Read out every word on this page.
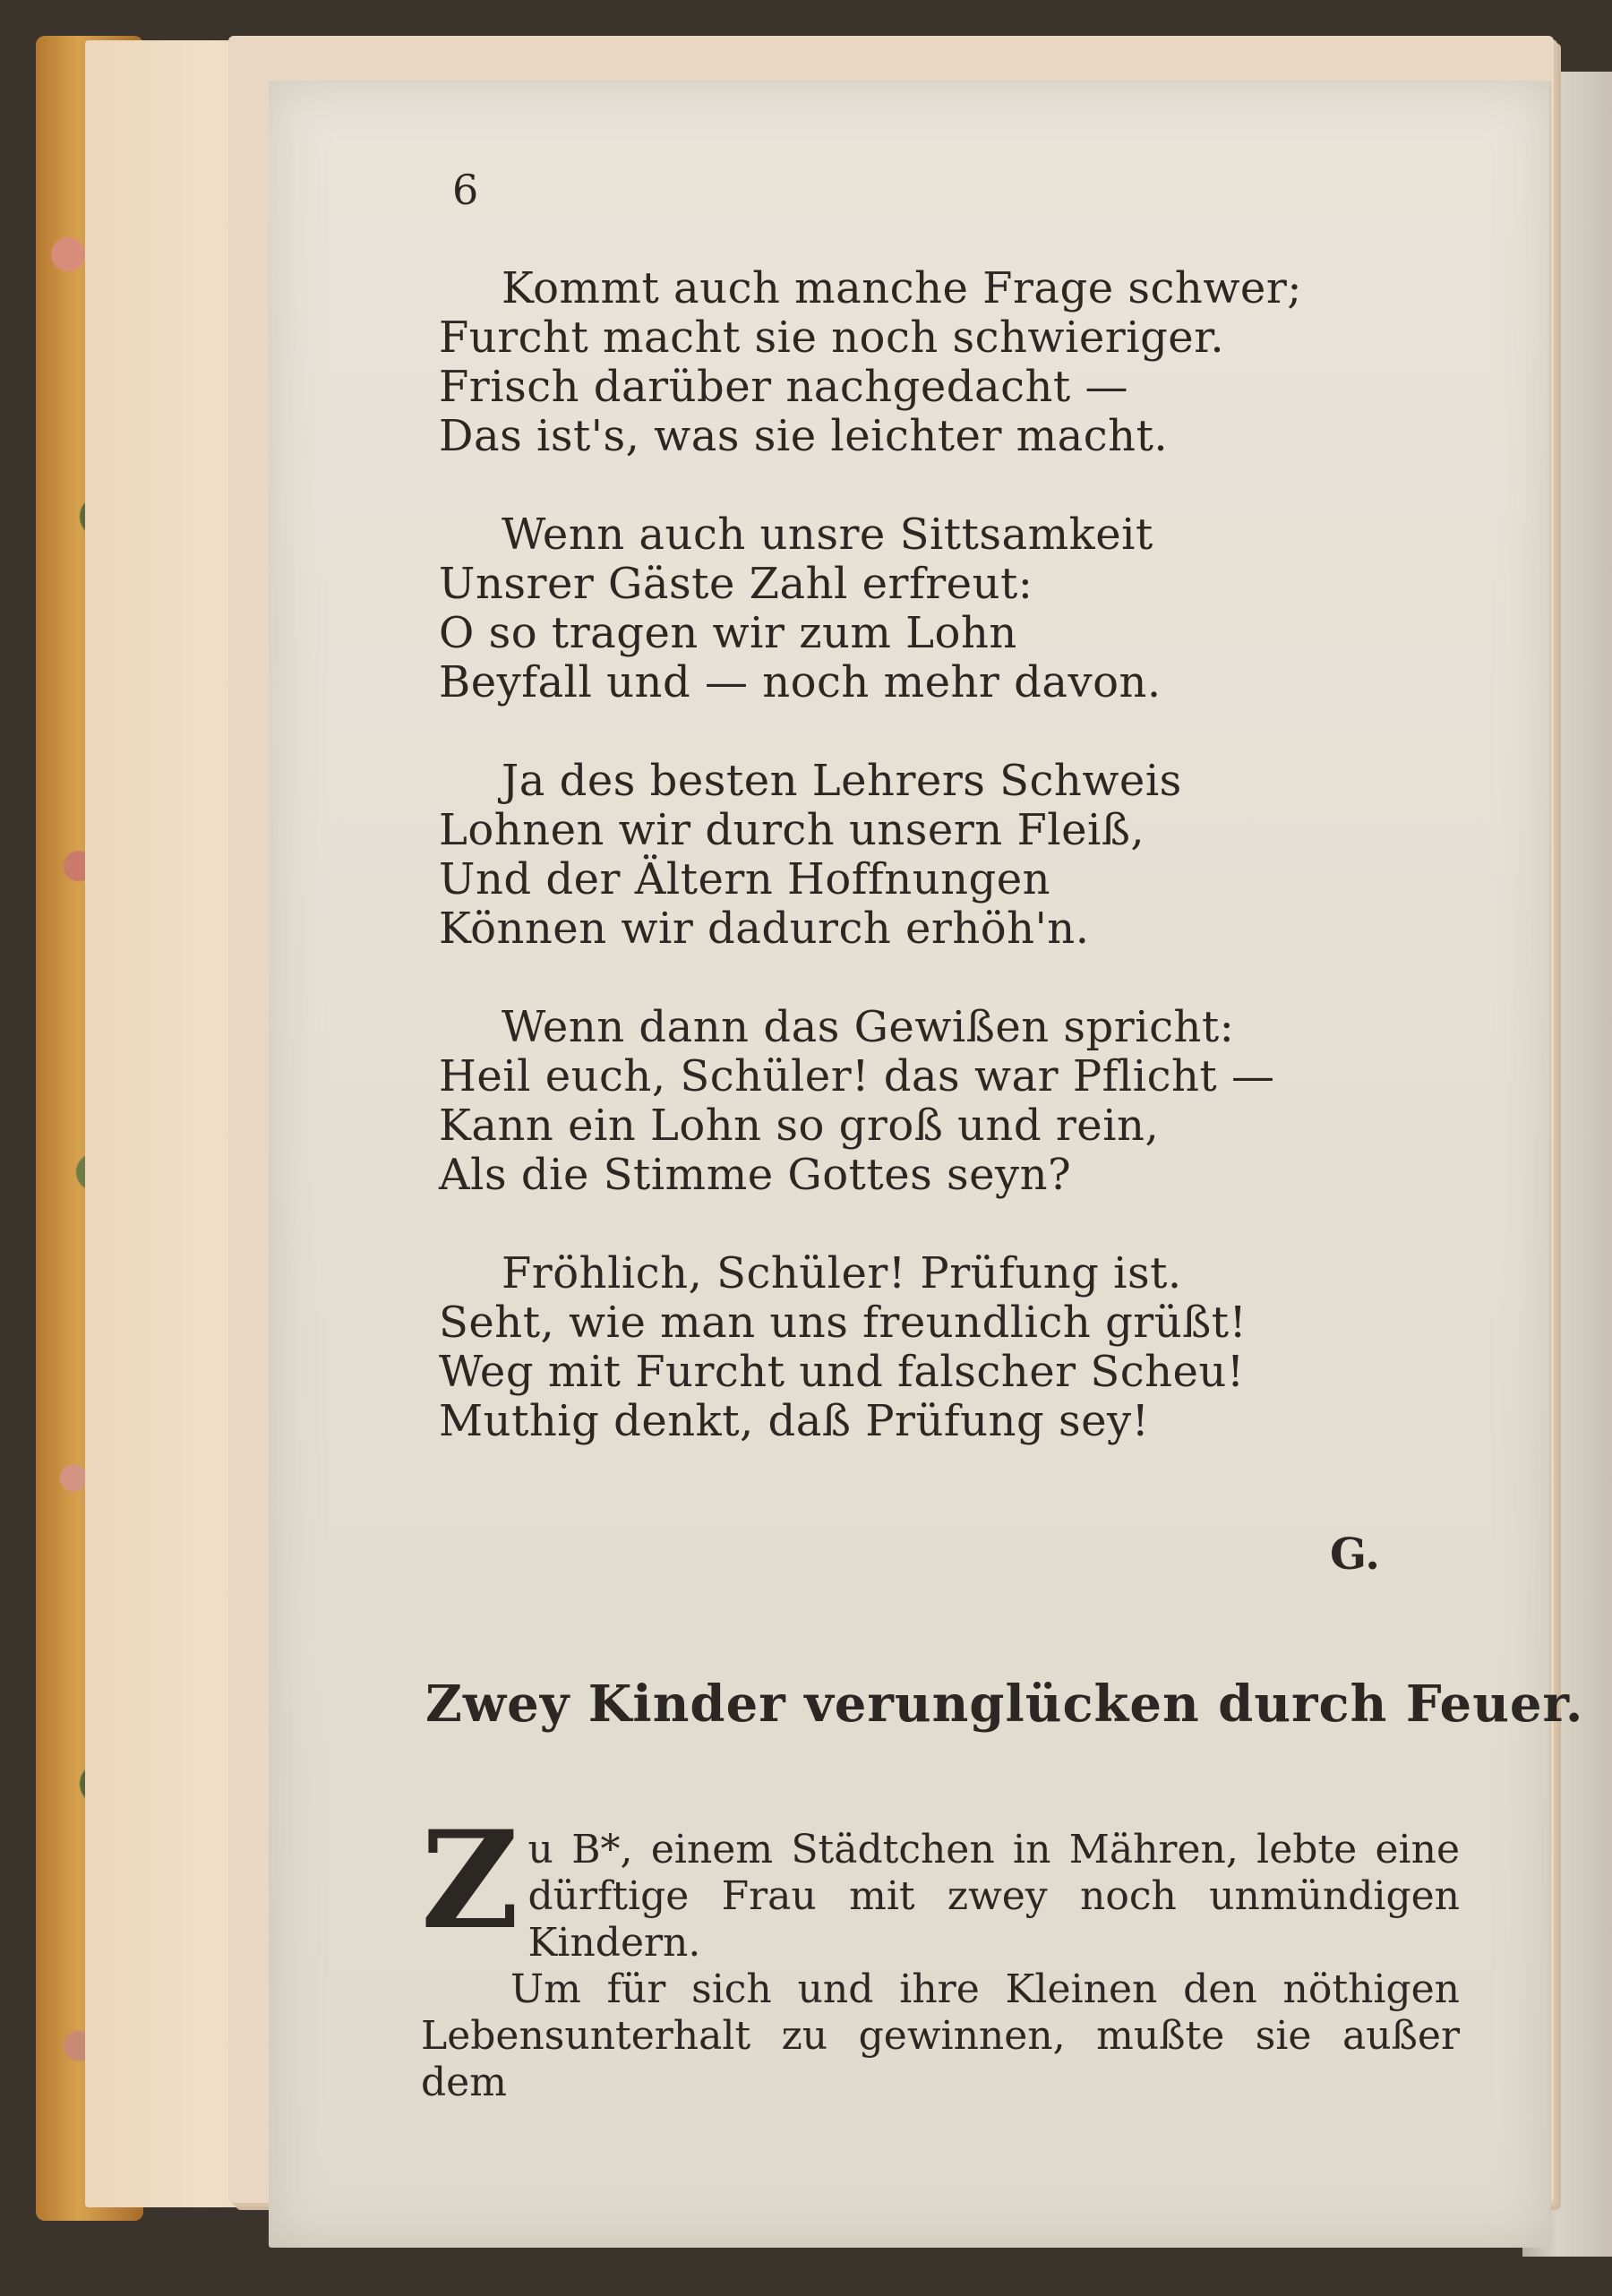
6
Kommt auch manche Frage schwer;
Furcht macht sie noch schwieriger.
Frisch darüber nachgedacht —
Das ist's, was sie leichter macht.
Wenn auch unsre Sittsamkeit
Unsrer Gäste Zahl erfreut:
O so tragen wir zum Lohn
Beyfall und — noch mehr davon.
Ja des besten Lehrers Schweis
Lohnen wir durch unsern Fleiß,
Und der Ältern Hoffnungen
Können wir dadurch erhöh'n.
Wenn dann das Gewißen spricht:
Heil euch, Schüler! das war Pflicht —
Kann ein Lohn so groß und rein,
Als die Stimme Gottes seyn?
Fröhlich, Schüler! Prüfung ist.
Seht, wie man uns freundlich grüßt!
Weg mit Furcht und falscher Scheu!
Muthig denkt, daß Prüfung sey!
G.
Zwey Kinder verunglücken durch Feuer.

Zu B*, einem Städtchen in Mähren, lebte eine dürftige Frau mit zwey noch unmündigen Kindern.

Um für sich und ihre Kleinen den nöthigen Lebensunterhalt zu gewinnen, mußte sie außer dem
